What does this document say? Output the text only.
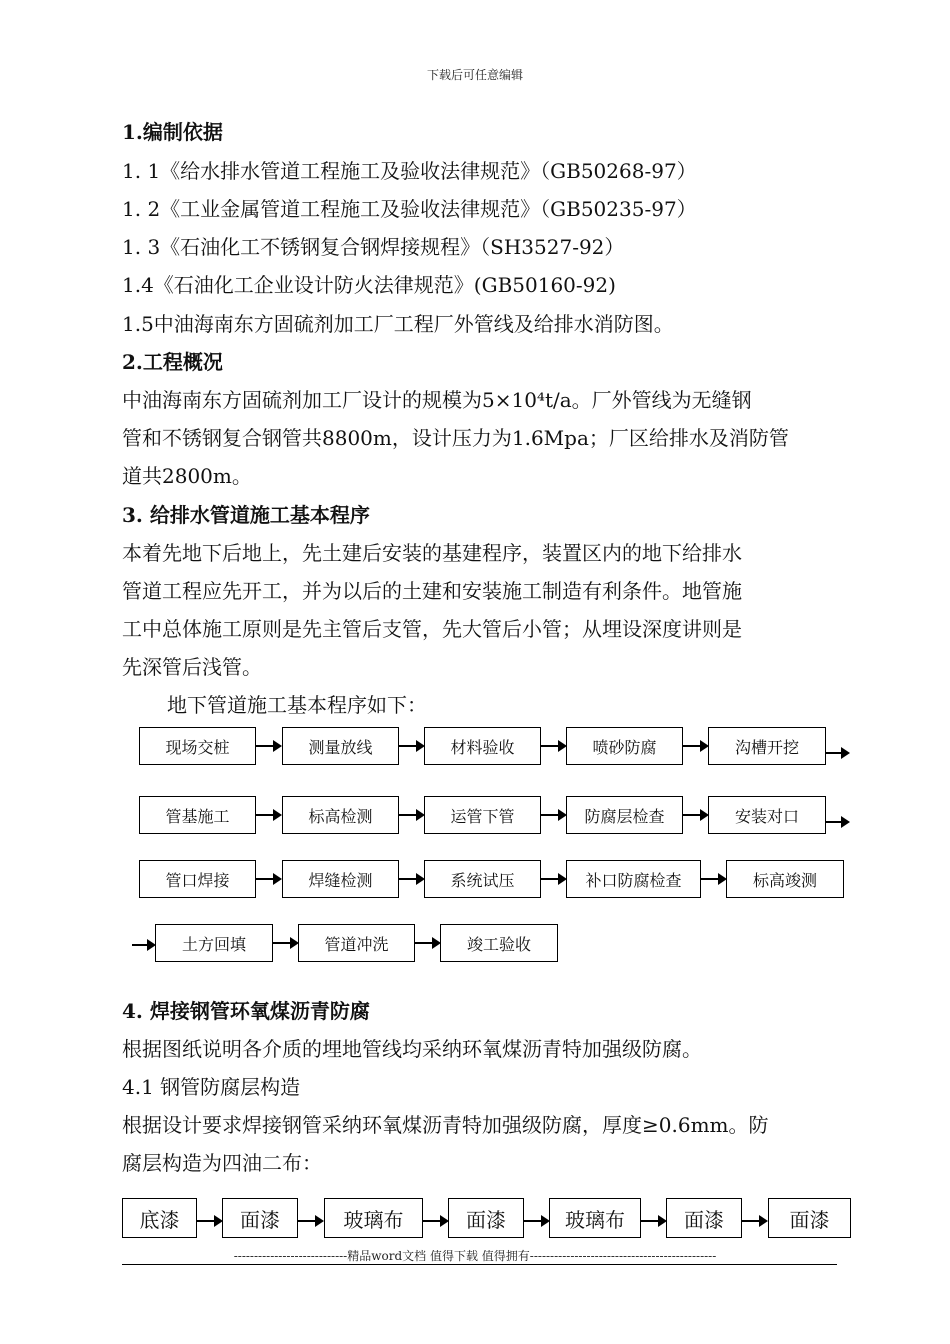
下载后可任意编辑
1.编制依据
1. 1《给水排水管道工程施工及验收法律规范》（GB50268-97）
1. 2《工业金属管道工程施工及验收法律规范》（GB50235-97）
1. 3《石油化工不锈钢复合钢焊接规程》（SH3527-92）
1.4《石油化工企业设计防火法律规范》(GB50160-92)
1.5中油海南东方固硫剂加工厂工程厂外管线及给排水消防图。
2.工程概况
中油海南东方固硫剂加工厂设计的规模为5×10⁴t/a。厂外管线为无缝钢
管和不锈钢复合钢管共8800m，设计压力为1.6Mpa；厂区给排水及消防管
道共2800m。
3. 给排水管道施工基本程序
本着先地下后地上，先土建后安装的基建程序，装置区内的地下给排水
管道工程应先开工，并为以后的土建和安装施工制造有利条件。地管施
工中总体施工原则是先主管后支管，先大管后小管；从埋设深度讲则是
先深管后浅管。
地下管道施工基本程序如下：
现场交桩	测量放线	材料验收	喷砂防腐	沟槽开挖
管基施工	标高检测	运管下管	防腐层检查	安装对口
管口焊接	焊缝检测	系统试压	补口防腐检查	标高竣测
土方回填	管道冲洗	竣工验收
4. 焊接钢管环氧煤沥青防腐
根据图纸说明各介质的埋地管线均采纳环氧煤沥青特加强级防腐。
4.1 钢管防腐层构造
根据设计要求焊接钢管采纳环氧煤沥青特加强级防腐，厚度≥0.6mm。防
腐层构造为四油二布：
底漆	面漆	玻璃布	面漆	玻璃布	面漆	面漆
----------------------------精品word文档 值得下载 值得拥有----------------------------------------------
